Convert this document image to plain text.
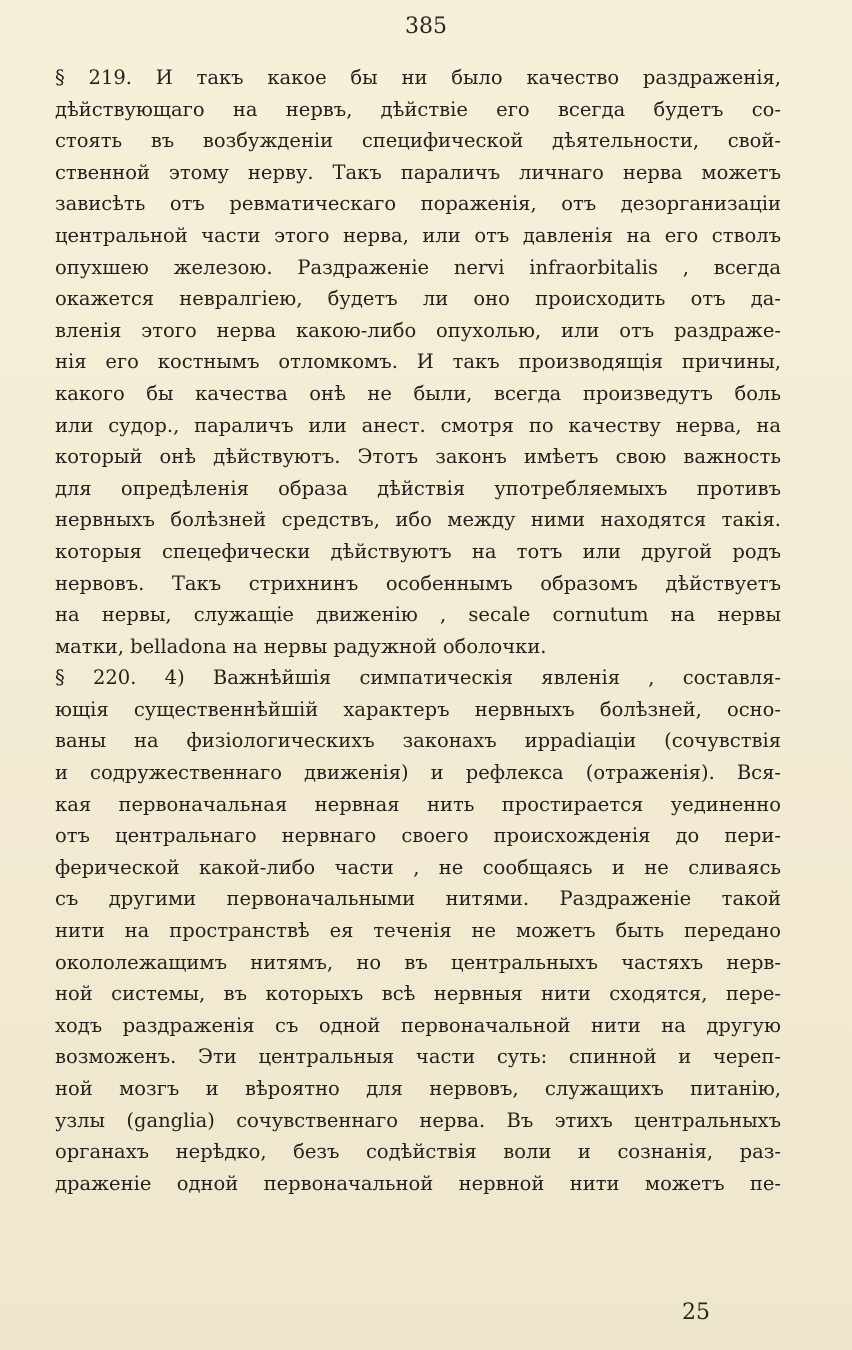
385

§ 219. И такъ какое бы ни было качество раздраженія,
дѣйствующаго на нервъ, дѣйствіе его всегда будетъ со-
стоять въ возбужденіи специфической дѣятельности, свой-
ственной этому нерву. Такъ параличъ личнаго нерва можетъ
зависѣть отъ ревматическаго пораженія, отъ дезорганизаціи
центральной части этого нерва, или отъ давленія на его стволъ
опухшею железою. Раздраженіе nervi infraorbitalis , всегда
окажется невралгіею, будетъ ли оно происходить отъ да-
вленія этого нерва какою-либо опухолью, или отъ раздраже-
нія его костнымъ отломкомъ. И такъ производящія причины,
какого бы качества онѣ не были, всегда произведутъ боль
или судор., параличъ или анест. смотря по качеству нерва, на
который онѣ дѣйствуютъ. Этотъ законъ имѣетъ свою важность
для опредѣленія образа дѣйствія употребляемыхъ противъ
нервныхъ болѣзней средствъ, ибо между ними находятся такія.
которыя спецефически дѣйствуютъ на тотъ или другой родъ
нервовъ. Такъ стрихнинъ особеннымъ образомъ дѣйствуетъ
на нервы, служащіе движенію , secale cornutum на нервы
матки, belladona на нервы радужной оболочки.
§ 220. 4) Важнѣйшія симпатическія явленія , составля-
ющія существеннѣйшій характеръ нервныхъ болѣзней, осно-
ваны на физіологическихъ законахъ ирраdіаціи (сочувствія
и содружественнаго движенія) и рефлекса (отраженія). Вся-
кая первоначальная нервная нить простирается уединенно
отъ центральнаго нервнаго своего происхожденія до пери-
ферической какой-либо части , не сообщаясь и не сливаясь
съ другими первоначальными нитями. Раздраженіе такой
нити на пространствѣ ея теченія не можетъ быть передано
окололежащимъ нитямъ, но въ центральныхъ частяхъ нерв-
ной системы, въ которыхъ всѣ нервныя нити сходятся, пере-
ходъ раздраженія съ одной первоначальной нити на другую
возможенъ. Эти центральныя части суть: спинной и череп-
ной мозгъ и вѣроятно для нервовъ, служащихъ питанію,
узлы (gangliа) сочувственнаго нерва. Въ этихъ центральныхъ
органахъ нерѣдко, безъ содѣйствія воли и сознанія, раз-
драженіе одной первоначальной нервной нити можетъ пе-

25
